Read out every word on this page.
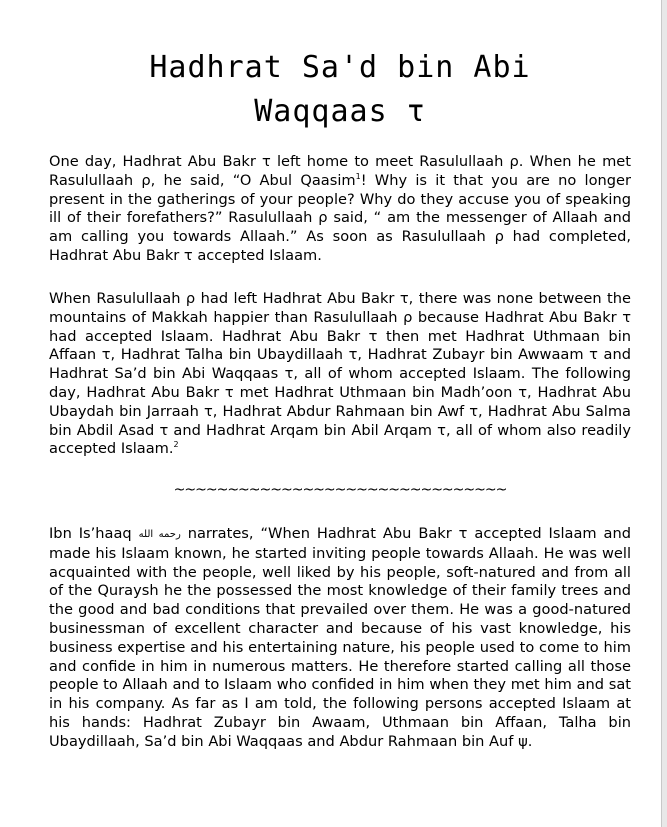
Hadhrat Sa'd bin Abi
Waqqaas τ

One day, Hadhrat Abu Bakr τ left home to meet Rasulullaah ρ. When he met Rasulullaah ρ, he said, “O Abul Qaasim$^1$! Why is it that you are no longer present in the gatherings of your people? Why do they accuse you of speaking ill of their forefathers?” Rasulullaah ρ said, “ am the messenger of Allaah and am calling you towards Allaah.” As soon as Rasulullaah ρ had completed, Hadhrat Abu Bakr τ accepted Islaam.

When Rasulullaah ρ had left Hadhrat Abu Bakr τ, there was none between the mountains of Makkah happier than Rasulullaah ρ because Hadhrat Abu Bakr τ had accepted Islaam. Hadhrat Abu Bakr τ then met Hadhrat Uthmaan bin Affaan τ, Hadhrat Talha bin Ubaydillaah τ, Hadhrat Zubayr bin Awwaam τ and Hadhrat Sa’d bin Abi Waqqaas τ, all of whom accepted Islaam. The following day, Hadhrat Abu Bakr τ met Hadhrat Uthmaan bin Madh’oon τ, Hadhrat Abu Ubaydah bin Jarraah τ, Hadhrat Abdur Rahmaan bin Awf τ, Hadhrat Abu Salma bin Abdil Asad τ and Hadhrat Arqam bin Abil Arqam τ, all of whom also readily accepted Islaam.$^2$

~~~~~~~~~~~~~~~~~~~~~~~~~~~~~~~

Ibn Is’haaq رحمه الله narrates, “When Hadhrat Abu Bakr τ accepted Islaam and made his Islaam known, he started inviting people towards Allaah. He was well acquainted with the people, well liked by his people, soft-natured and from all of the Quraysh he the possessed the most knowledge of their family trees and the good and bad conditions that prevailed over them. He was a good-natured businessman of excellent character and because of his vast knowledge, his business expertise and his entertaining nature, his people used to come to him and confide in him in numerous matters. He therefore started calling all those people to Allaah and to Islaam who confided in him when they met him and sat in his company. As far as I am told, the following persons accepted Islaam at his hands: Hadhrat Zubayr bin Awaam, Uthmaan bin Affaan, Talha bin Ubaydillaah, Sa’d bin Abi Waqqaas and Abdur Rahmaan bin Auf ψ.
